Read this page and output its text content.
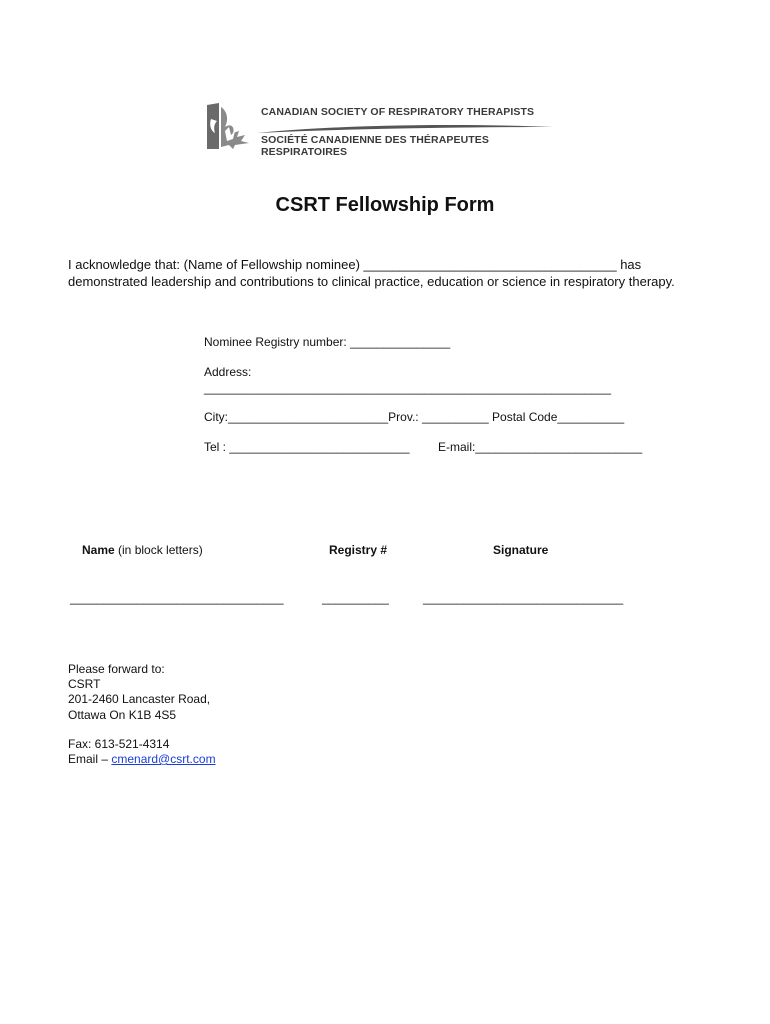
CANADIAN SOCIETY OF RESPIRATORY THERAPISTS
SOCIÉTÉ CANADIENNE DES THÉRAPEUTES RESPIRATOIRES
CSRT Fellowship Form
I acknowledge that: (Name of Fellowship nominee) ___________________________________ has demonstrated leadership and contributions to clinical practice, education or science in respiratory therapy.
Nominee Registry number: _______________
Address:
_____________________________________________________________
City:________________________Prov.: __________ Postal Code__________
Tel : ___________________________ E-mail:_________________________
Name (in block letters)	Registry #	Signature
________________________________	__________	______________________________
Please forward to:
CSRT
201-2460 Lancaster Road,
Ottawa On K1B 4S5
Fax: 613-521-4314
Email – cmenard@csrt.com
